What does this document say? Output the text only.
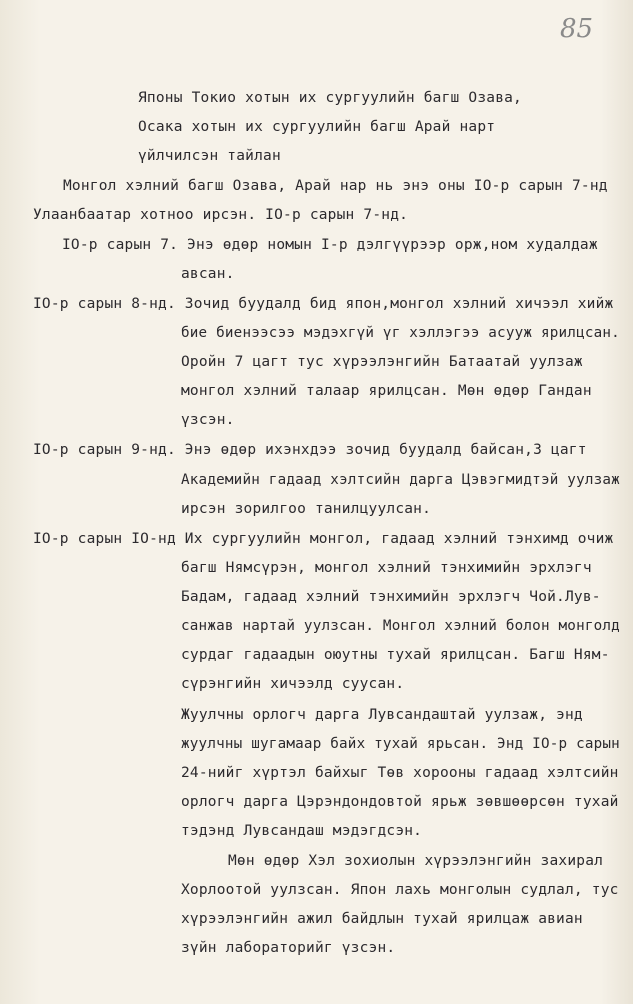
85
Японы Токио хотын их сургуулийн багш Озава,
Осака хотын их сургуулийн багш Арай нарт
үйлчилсэн тайлан
Монгол хэлний багш Озава, Арай нар нь энэ оны IO-р сарын 7-нд
Улаанбаатар хотноо ирсэн. IO-р сарын 7-нд.
IO-р сарын 7. Энэ өдөр номын I-р дэлгүүрээр орж,ном худалдаж
авсан.
IO-р сарын 8-нд. Зочид буудалд бид япон,монгол хэлний хичээл хийж
бие биенээсээ мэдэхгүй үг хэллэгээ асууж ярилцсан.
Оройн 7 цагт тус хүрээлэнгийн Батаатай уулзаж
монгол хэлний талаар ярилцсан. Мөн өдөр Гандан
үзсэн.
IO-р сарын 9-нд. Энэ өдөр ихэнхдээ зочид буудалд байсан,3 цагт
Академийн гадаад хэлтсийн дарга Цэвэгмидтэй уулзаж
ирсэн зорилгоо танилцуулсан.
IO-р сарын IO-нд Их сургуулийн монгол, гадаад хэлний тэнхимд очиж
багш Нямсүрэн, монгол хэлний тэнхимийн эрхлэгч
Бадам, гадаад хэлний тэнхимийн эрхлэгч Чой.Лув-
санжав нартай уулзсан. Монгол хэлний болон монголд
сурдаг гадаадын оюутны тухай ярилцсан. Багш Ням-
сүрэнгийн хичээлд суусан.
Жуулчны орлогч дарга Лувсандаштай уулзаж, энд
жуулчны шугамаар байх тухай ярьсан. Энд IO-р сарын
24-нийг хүртэл байхыг Төв хорооны гадаад хэлтсийн
орлогч дарга Цэрэндондовтой ярьж зөвшөөрсөн тухай
тэдэнд Лувсандаш мэдэгдсэн.
Мөн өдөр Хэл зохиолын хүрээлэнгийн захирал
Хорлоотой уулзсан. Япон лахь монголын судлал, тус
хүрээлэнгийн ажил байдлын тухай ярилцаж авиан
зүйн лабораторийг үзсэн.
